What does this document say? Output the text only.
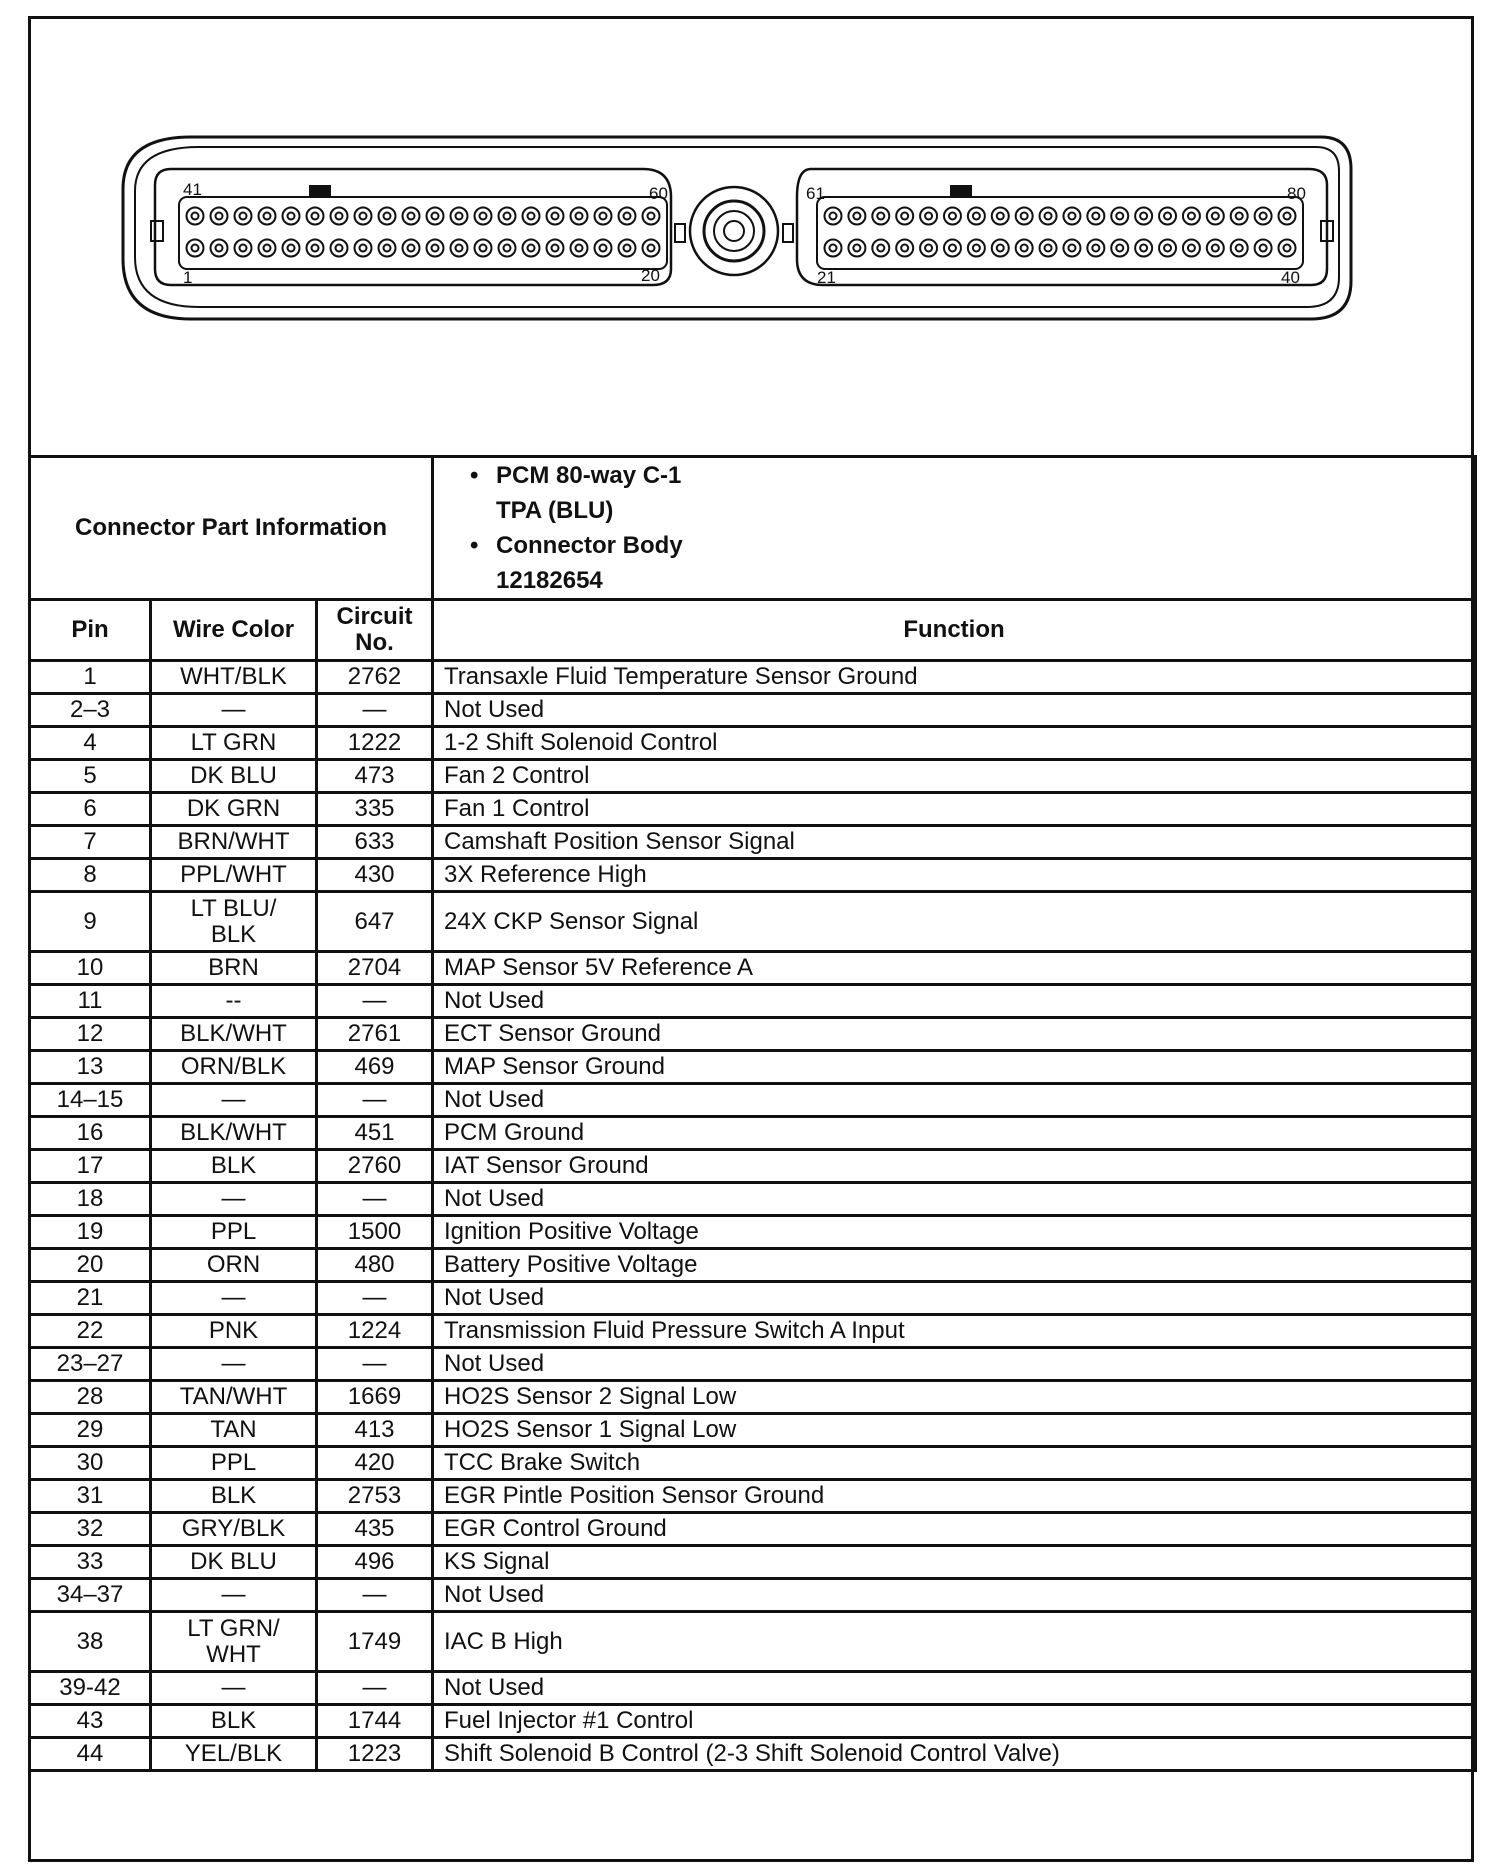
41	60
1	20
61	80
21	40
Connector Part Information			• PCM 80-way C-1
TPA (BLU)
• Connector Body
12182654

Pin	Wire Color	Circuit
No.	Function
1	WHT/BLK	2762	Transaxle Fluid Temperature Sensor Ground
2–3	—	—	Not Used
4	LT GRN	1222	1-2 Shift Solenoid Control
5	DK BLU	473	Fan 2 Control
6	DK GRN	335	Fan 1 Control
7	BRN/WHT	633	Camshaft Position Sensor Signal
8	PPL/WHT	430	3X Reference High
9	LT BLU/
BLK	647	24X CKP Sensor Signal
10	BRN	2704	MAP Sensor 5V Reference A
11	--	—	Not Used
12	BLK/WHT	2761	ECT Sensor Ground
13	ORN/BLK	469	MAP Sensor Ground
14–15	—	—	Not Used
16	BLK/WHT	451	PCM Ground
17	BLK	2760	IAT Sensor Ground
18	—	—	Not Used
19	PPL	1500	Ignition Positive Voltage
20	ORN	480	Battery Positive Voltage
21	—	—	Not Used
22	PNK	1224	Transmission Fluid Pressure Switch A Input
23–27	—	—	Not Used
28	TAN/WHT	1669	HO2S Sensor 2 Signal Low
29	TAN	413	HO2S Sensor 1 Signal Low
30	PPL	420	TCC Brake Switch
31	BLK	2753	EGR Pintle Position Sensor Ground
32	GRY/BLK	435	EGR Control Ground
33	DK BLU	496	KS Signal
34–37	—	—	Not Used
38	LT GRN/
WHT	1749	IAC B High
39-42	—	—	Not Used
43	BLK	1744	Fuel Injector #1 Control
44	YEL/BLK	1223	Shift Solenoid B Control (2-3 Shift Solenoid Control Valve)
